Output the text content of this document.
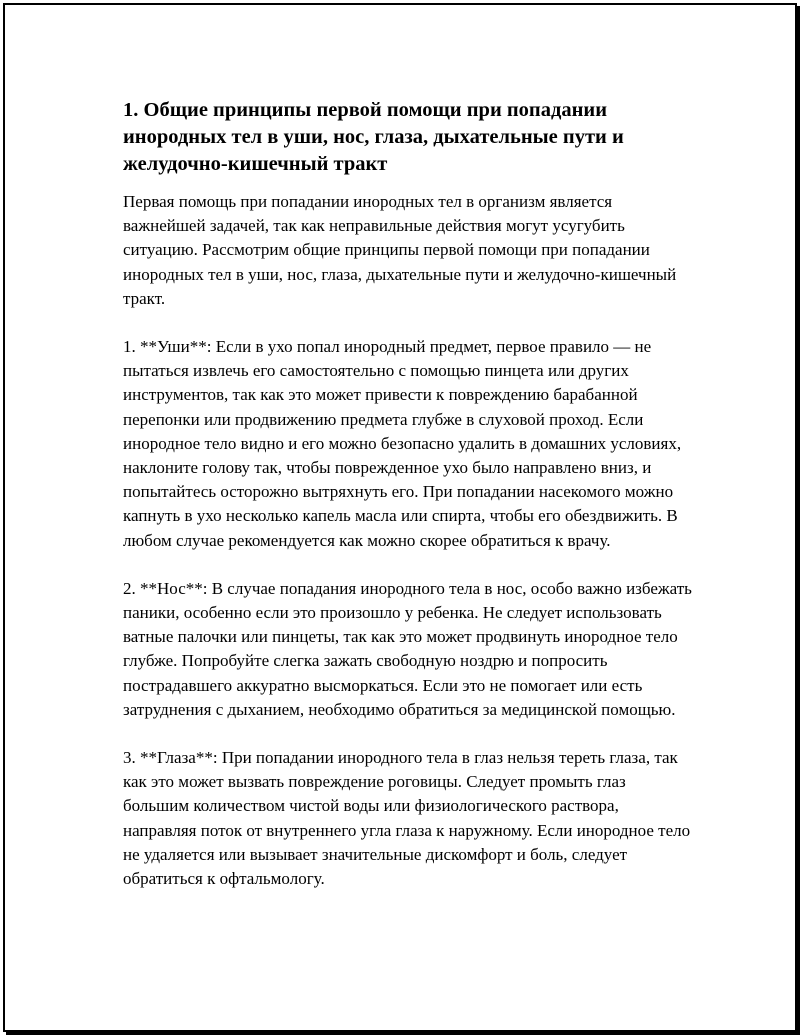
1. Общие принципы первой помощи при попадании инородных тел в уши, нос, глаза, дыхательные пути и желудочно-кишечный тракт

Первая помощь при попадании инородных тел в организм является важнейшей задачей, так как неправильные действия могут усугубить ситуацию. Рассмотрим общие принципы первой помощи при попадании инородных тел в уши, нос, глаза, дыхательные пути и желудочно-кишечный тракт.

1. **Уши**: Если в ухо попал инородный предмет, первое правило — не пытаться извлечь его самостоятельно с помощью пинцета или других инструментов, так как это может привести к повреждению барабанной перепонки или продвижению предмета глубже в слуховой проход. Если инородное тело видно и его можно безопасно удалить в домашних условиях, наклоните голову так, чтобы поврежденное ухо было направлено вниз, и попытайтесь осторожно вытряхнуть его. При попадании насекомого можно капнуть в ухо несколько капель масла или спирта, чтобы его обездвижить. В любом случае рекомендуется как можно скорее обратиться к врачу.

2. **Нос**: В случае попадания инородного тела в нос, особо важно избежать паники, особенно если это произошло у ребенка. Не следует использовать ватные палочки или пинцеты, так как это может продвинуть инородное тело глубже. Попробуйте слегка зажать свободную ноздрю и попросить пострадавшего аккуратно высморкаться. Если это не помогает или есть затруднения с дыханием, необходимо обратиться за медицинской помощью.

3. **Глаза**: При попадании инородного тела в глаз нельзя тереть глаза, так как это может вызвать повреждение роговицы. Следует промыть глаз большим количеством чистой воды или физиологического раствора, направляя поток от внутреннего угла глаза к наружному. Если инородное тело не удаляется или вызывает значительные дискомфорт и боль, следует обратиться к офтальмологу.
